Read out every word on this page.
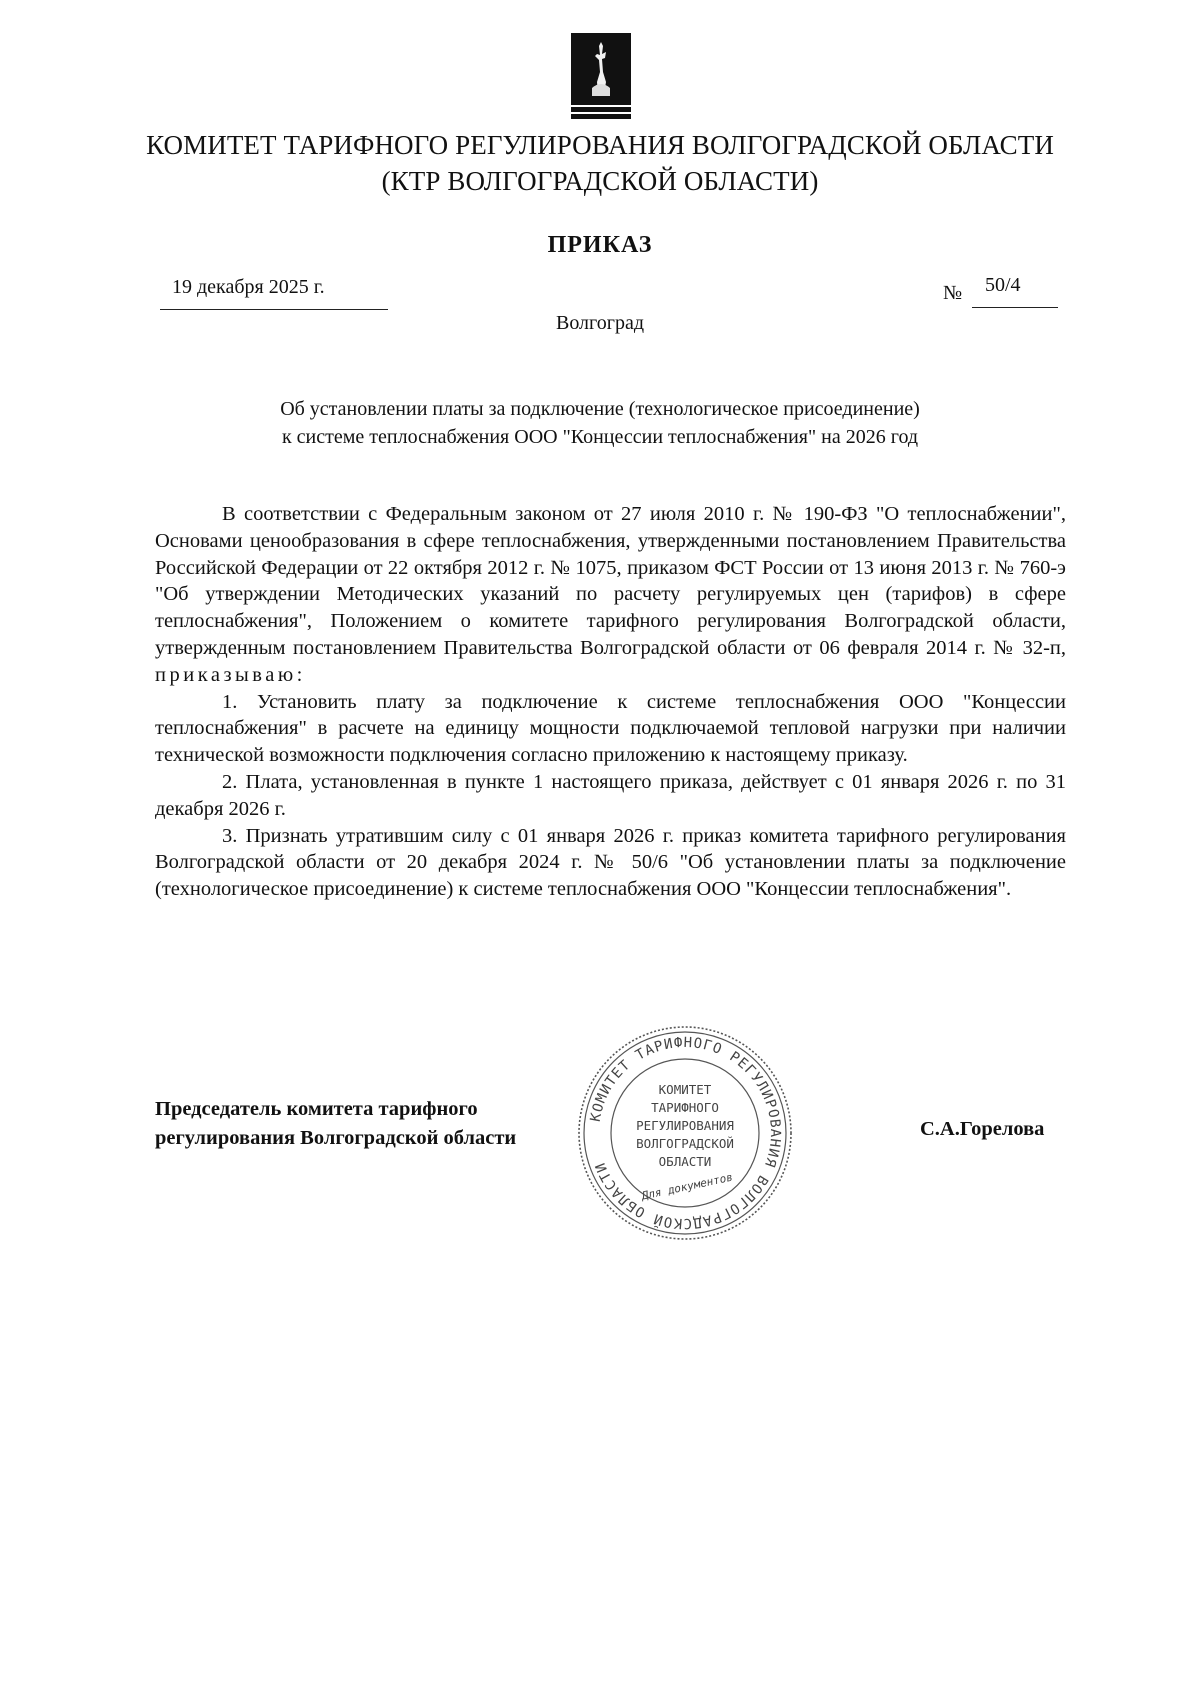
КОМИТЕТ ТАРИФНОГО РЕГУЛИРОВАНИЯ ВОЛГОГРАДСКОЙ ОБЛАСТИ
(КТР ВОЛГОГРАДСКОЙ ОБЛАСТИ)
ПРИКАЗ
19 декабря 2025 г.	№ 50/4
Волгоград
Об установлении платы за подключение (технологическое присоединение)
к системе теплоснабжения ООО "Концессии теплоснабжения" на 2026 год

В соответствии с Федеральным законом от 27 июля 2010 г. № 190-ФЗ "О теплоснабжении", Основами ценообразования в сфере теплоснабжения, утвержденными постановлением Правительства Российской Федерации от 22 октября 2012 г. № 1075, приказом ФСТ России от 13 июня 2013 г. № 760-э "Об утверждении Методических указаний по расчету регулируемых цен (тарифов) в сфере теплоснабжения", Положением о комитете тарифного регулирования Волгоградской области, утвержденным постановлением Правительства Волгоградской области от 06 февраля 2014 г. № 32-п, приказываю:

1. Установить плату за подключение к системе теплоснабжения ООО "Концессии теплоснабжения" в расчете на единицу мощности подключаемой тепловой нагрузки при наличии технической возможности подключения согласно приложению к настоящему приказу.

2. Плата, установленная в пункте 1 настоящего приказа, действует с 01 января 2026 г. по 31 декабря 2026 г.

3. Признать утратившим силу с 01 января 2026 г. приказ комитета тарифного регулирования Волгоградской области от 20 декабря 2024 г. № 50/6 "Об установлении платы за подключение (технологическое присоединение) к системе теплоснабжения ООО "Концессии теплоснабжения".

Председатель комитета тарифного
регулирования Волгоградской области	С.А.Горелова
КОМИТЕТ ТАРИФНОГО РЕГУЛИРОВАНИЯ ВОЛГОГРАДСКОЙ ОБЛАСТИ
КОМИТЕТ
ТАРИФНОГО
РЕГУЛИРОВАНИЯ
ВОЛГОГРАДСКОЙ
ОБЛАСТИ
Для документов
